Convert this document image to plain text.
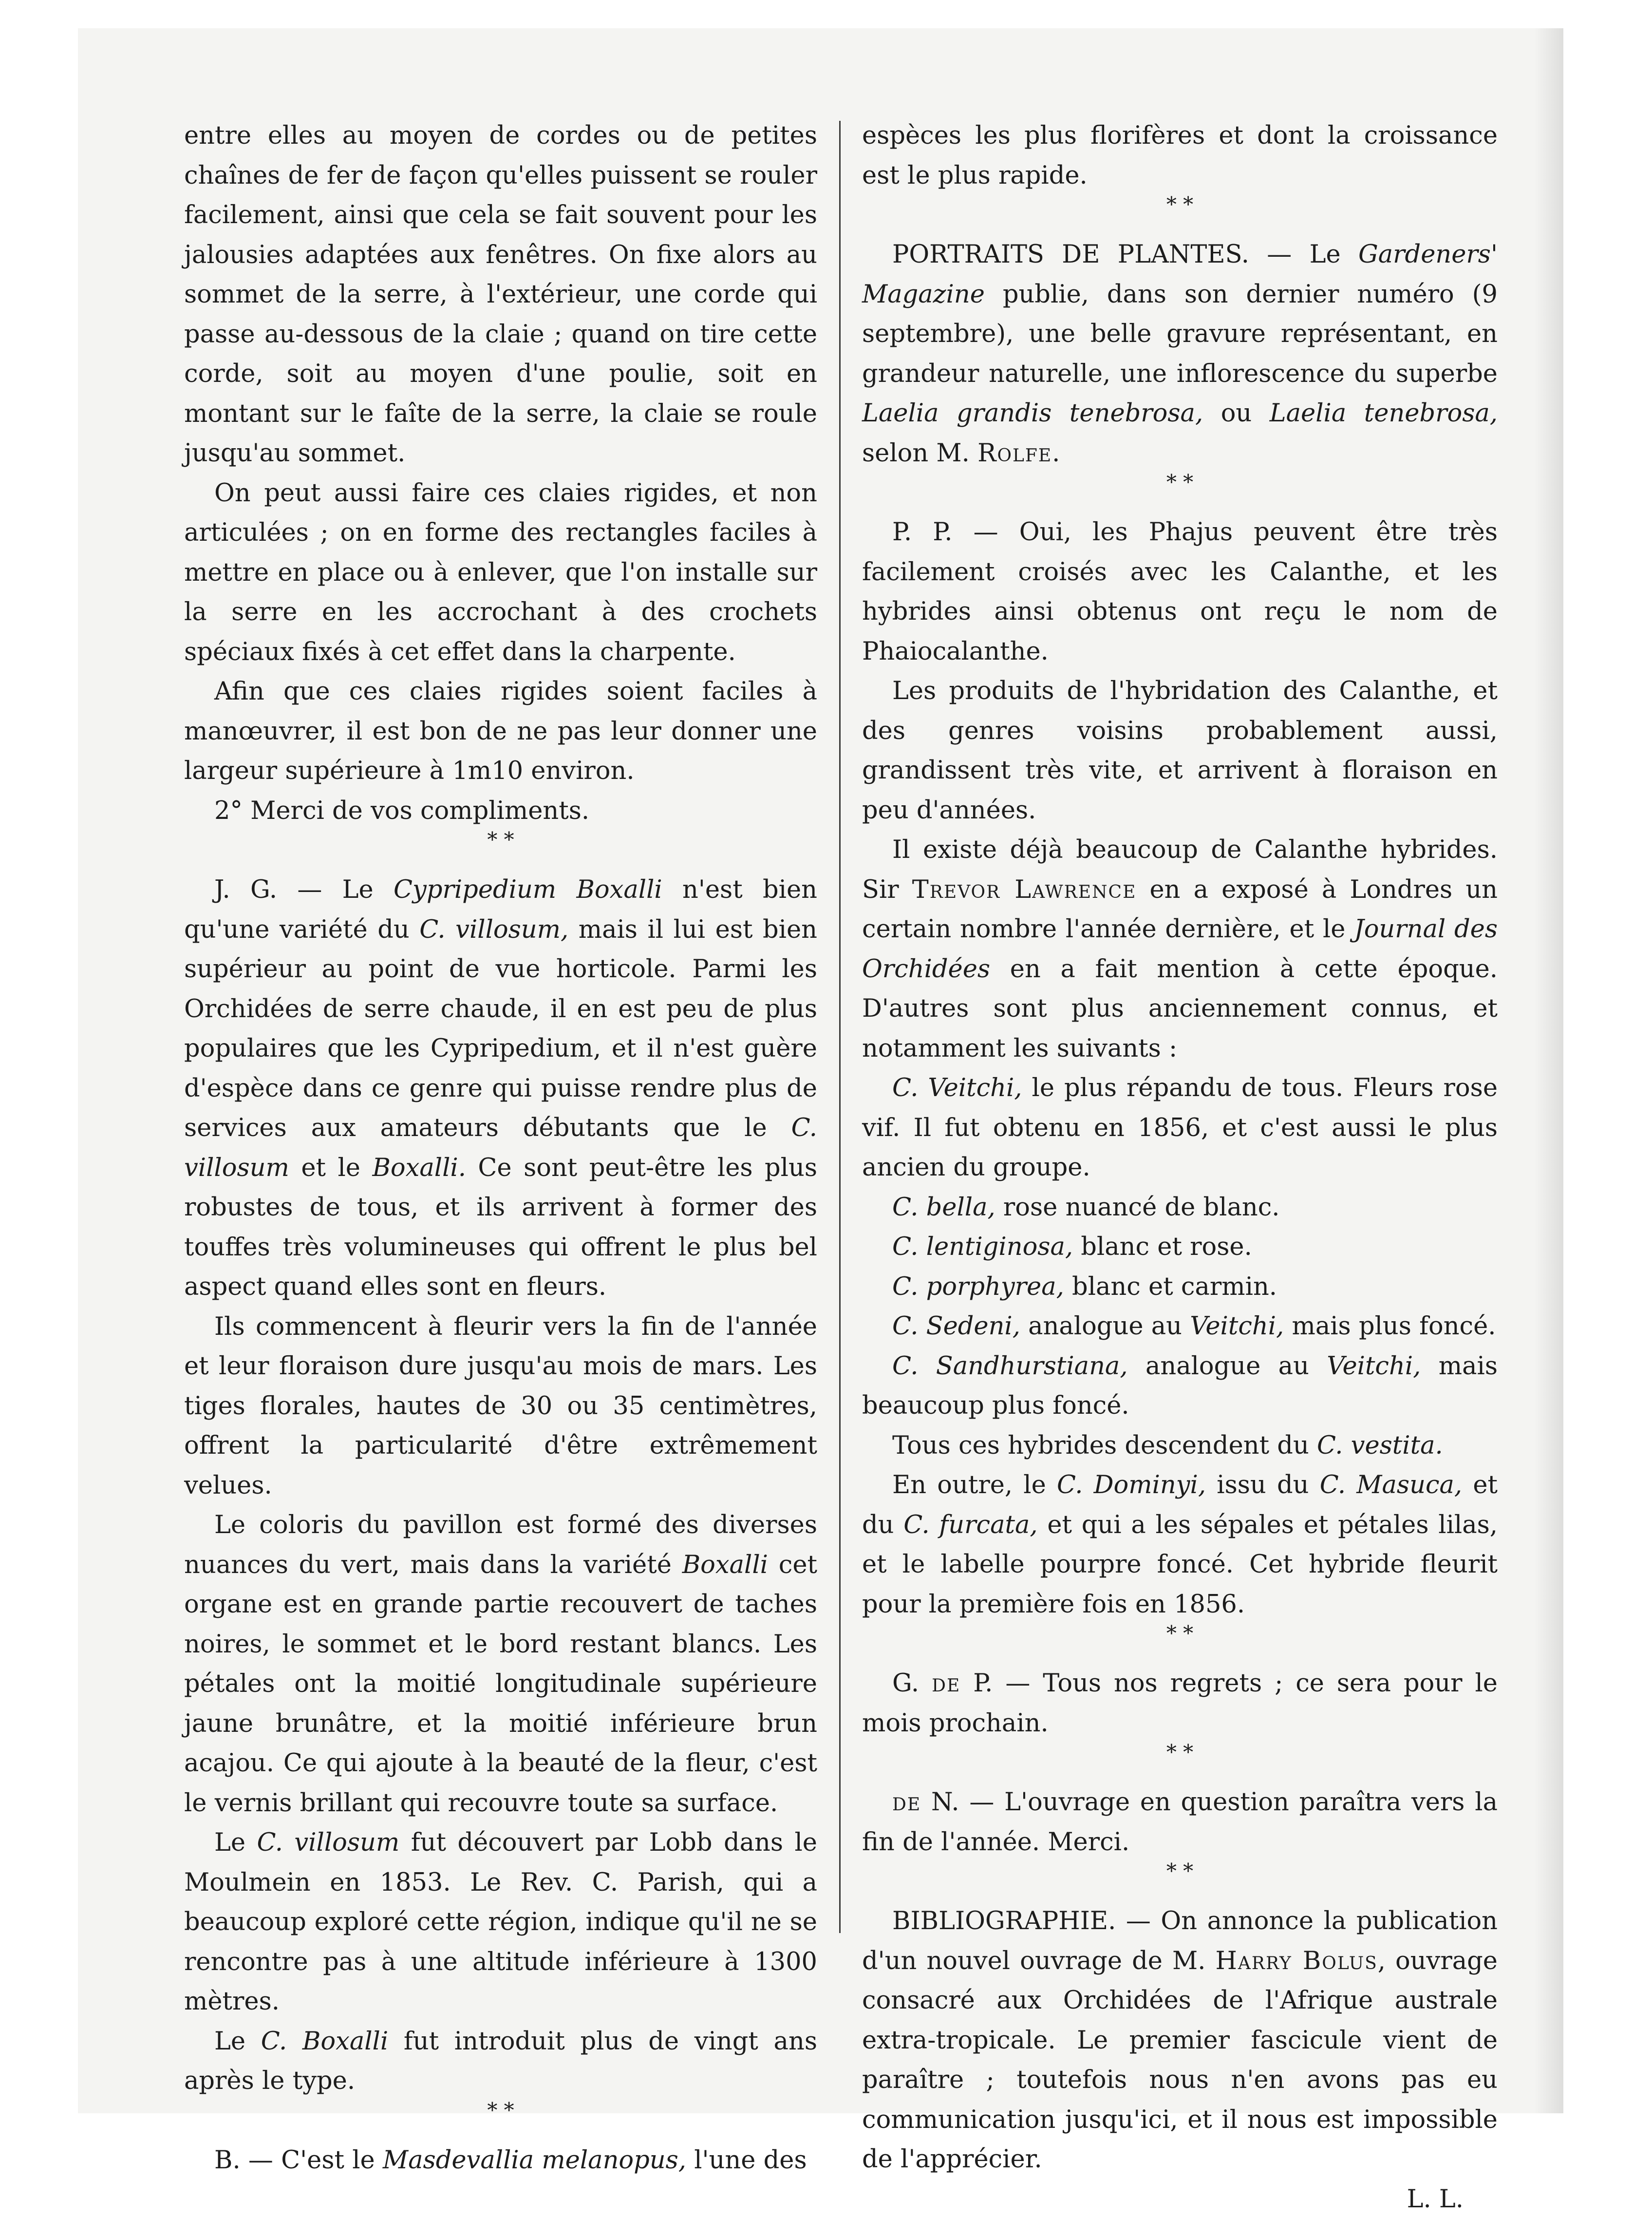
entre elles au moyen de cordes ou de petites chaînes de fer de façon qu'elles puissent se rouler facilement, ainsi que cela se fait souvent pour les jalousies adaptées aux fenêtres. On fixe alors au sommet de la serre, à l'extérieur, une corde qui passe au-dessous de la claie ; quand on tire cette corde, soit au moyen d'une poulie, soit en montant sur le faîte de la serre, la claie se roule jusqu'au sommet.

On peut aussi faire ces claies rigides, et non articulées ; on en forme des rectangles faciles à mettre en place ou à enlever, que l'on installe sur la serre en les accrochant à des crochets spéciaux fixés à cet effet dans la charpente.

Afin que ces claies rigides soient faciles à manœuvrer, il est bon de ne pas leur donner une largeur supérieure à 1m10 environ.

2° Merci de vos compliments.

* *

J. G. — Le Cypripedium Boxalli n'est bien qu'une variété du C. villosum, mais il lui est bien supérieur au point de vue horticole. Parmi les Orchidées de serre chaude, il en est peu de plus populaires que les Cypripedium, et il n'est guère d'espèce dans ce genre qui puisse rendre plus de services aux amateurs débutants que le C. villosum et le Boxalli. Ce sont peut-être les plus robustes de tous, et ils arrivent à former des touffes très volumineuses qui offrent le plus bel aspect quand elles sont en fleurs.

Ils commencent à fleurir vers la fin de l'année et leur floraison dure jusqu'au mois de mars. Les tiges florales, hautes de 30 ou 35 centimètres, offrent la particularité d'être extrêmement velues.

Le coloris du pavillon est formé des diverses nuances du vert, mais dans la variété Boxalli cet organe est en grande partie recouvert de taches noires, le sommet et le bord restant blancs. Les pétales ont la moitié longitudinale supérieure jaune brunâtre, et la moitié inférieure brun acajou. Ce qui ajoute à la beauté de la fleur, c'est le vernis brillant qui recouvre toute sa surface.

Le C. villosum fut découvert par Lobb dans le Moulmein en 1853. Le Rev. C. Parish, qui a beaucoup exploré cette région, indique qu'il ne se rencontre pas à une altitude inférieure à 1300 mètres.

Le C. Boxalli fut introduit plus de vingt ans après le type.

* *

B. — C'est le Masdevallia melanopus, l'une des

espèces les plus florifères et dont la croissance est le plus rapide.

* *

PORTRAITS DE PLANTES. — Le Gardeners' Magazine publie, dans son dernier numéro (9 septembre), une belle gravure représentant, en grandeur naturelle, une inflorescence du superbe Laelia grandis tenebrosa, ou Laelia tenebrosa, selon M. Rolfe.

* *

P. P. — Oui, les Phajus peuvent être très facilement croisés avec les Calanthe, et les hybrides ainsi obtenus ont reçu le nom de Phaiocalanthe.

Les produits de l'hybridation des Calanthe, et des genres voisins probablement aussi, grandissent très vite, et arrivent à floraison en peu d'années.

Il existe déjà beaucoup de Calanthe hybrides. Sir Trevor Lawrence en a exposé à Londres un certain nombre l'année dernière, et le Journal des Orchidées en a fait mention à cette époque. D'autres sont plus anciennement connus, et notamment les suivants :

C. Veitchi, le plus répandu de tous. Fleurs rose vif. Il fut obtenu en 1856, et c'est aussi le plus ancien du groupe.

C. bella, rose nuancé de blanc.

C. lentiginosa, blanc et rose.

C. porphyrea, blanc et carmin.

C. Sedeni, analogue au Veitchi, mais plus foncé.

C. Sandhurstiana, analogue au Veitchi, mais beaucoup plus foncé.

Tous ces hybrides descendent du C. vestita.

En outre, le C. Dominyi, issu du C. Masuca, et du C. furcata, et qui a les sépales et pétales lilas, et le labelle pourpre foncé. Cet hybride fleurit pour la première fois en 1856.

* *

G. de P. — Tous nos regrets ; ce sera pour le mois prochain.

* *

de N. — L'ouvrage en question paraîtra vers la fin de l'année. Merci.

* *

BIBLIOGRAPHIE. — On annonce la publication d'un nouvel ouvrage de M. Harry Bolus, ouvrage consacré aux Orchidées de l'Afrique australe extra-tropicale. Le premier fascicule vient de paraître ; toutefois nous n'en avons pas eu communication jusqu'ici, et il nous est impossible de l'apprécier.

L. L.
